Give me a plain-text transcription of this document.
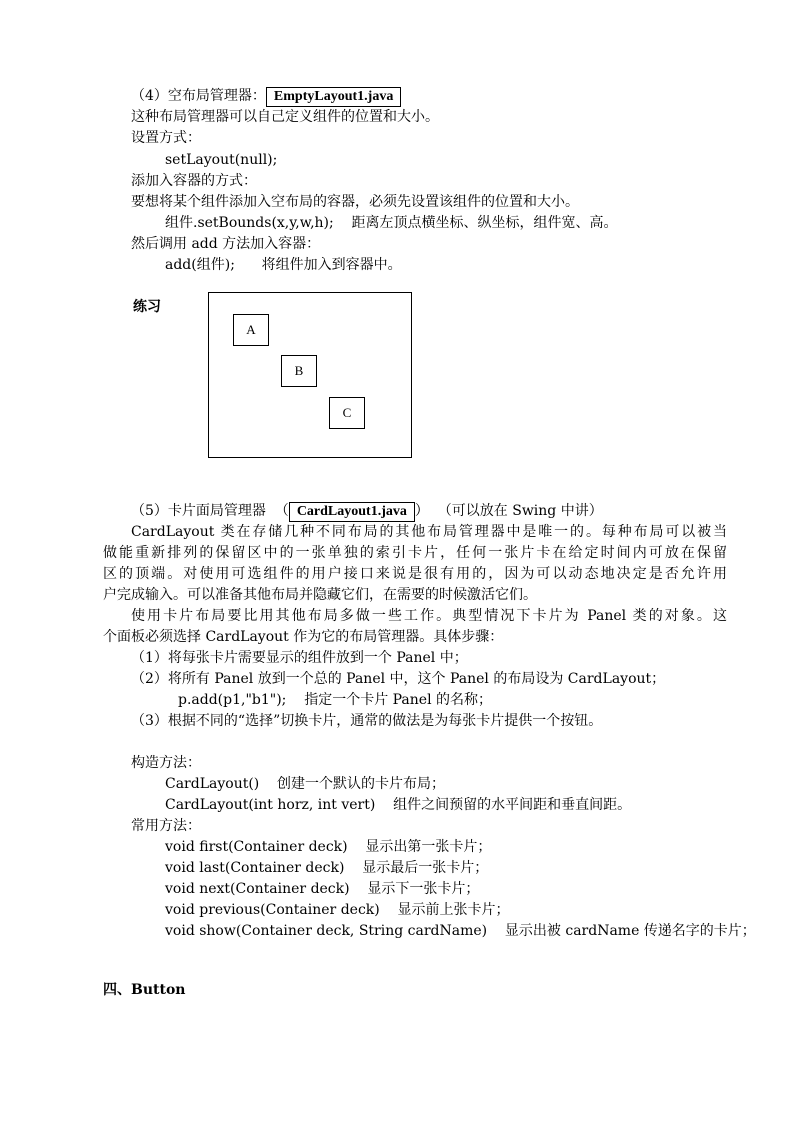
（4）空布局管理器： EmptyLayout1.java
这种布局管理器可以自己定义组件的位置和大小。
设置方式：
setLayout(null);
添加入容器的方式：
要想将某个组件添加入空布局的容器，必须先设置该组件的位置和大小。
组件.setBounds(x,y,w,h);    距离左顶点横坐标、纵坐标，组件宽、高。
然后调用 add 方法加入容器：
add(组件);      将组件加入到容器中。
练习
A
B
C
（5）卡片面局管理器  （ CardLayout1.java ）  （可以放在 Swing 中讲）
CardLayout 类在存储几种不同布局的其他布局管理器中是唯一的。每种布局可以被当
做能重新排列的保留区中的一张单独的索引卡片，任何一张片卡在给定时间内可放在保留
区的顶端。对使用可选组件的用户接口来说是很有用的，因为可以动态地决定是否允许用
户完成输入。可以准备其他布局并隐藏它们，在需要的时候激活它们。
使用卡片布局要比用其他布局多做一些工作。典型情况下卡片为 Panel 类的对象。这
个面板必须选择 CardLayout 作为它的布局管理器。具体步骤：
（1）将每张卡片需要显示的组件放到一个 Panel 中；
（2）将所有 Panel 放到一个总的 Panel 中，这个 Panel 的布局设为 CardLayout；
p.add(p1,"b1");    指定一个卡片 Panel 的名称；
（3）根据不同的“选择”切换卡片，通常的做法是为每张卡片提供一个按钮。
构造方法：
CardLayout()    创建一个默认的卡片布局；
CardLayout(int horz, int vert)    组件之间预留的水平间距和垂直间距。
常用方法：
void first(Container deck)    显示出第一张卡片；
void last(Container deck)    显示最后一张卡片；
void next(Container deck)    显示下一张卡片；
void previous(Container deck)    显示前上张卡片；
void show(Container deck, String cardName)    显示出被 cardName 传递名字的卡片；
四、Button
